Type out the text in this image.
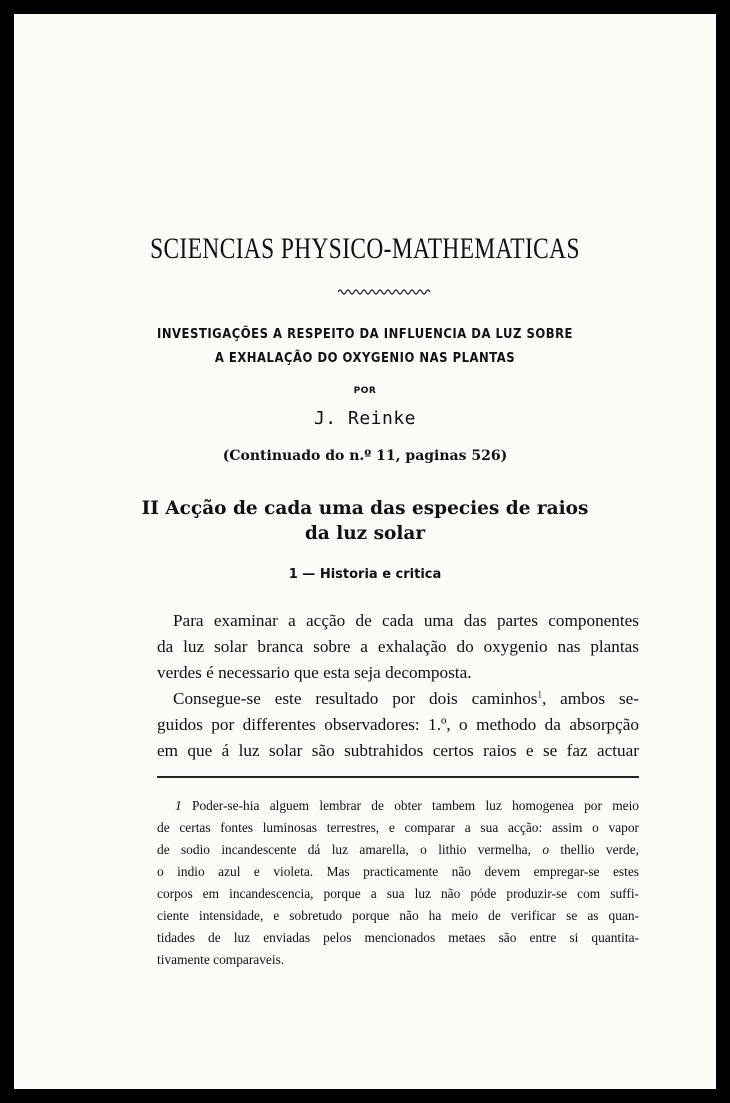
SCIENCIAS PHYSICO-MATHEMATICAS
INVESTIGAÇÕES A RESPEITO DA INFLUENCIA DA LUZ SOBRE
A EXHALAÇÃO DO OXYGENIO NAS PLANTAS
POR
J. Reinke
(Continuado do n.º 11, paginas 526)
II Acção de cada uma das especies de raios
da luz solar
1 — Historia e critica
Para examinar a acção de cada uma das partes componentes
da luz solar branca sobre a exhalação do oxygenio nas plantas
verdes é necessario que esta seja decomposta.
Consegue-se este resultado por dois caminhos$^1$, ambos se-
guidos por differentes observadores: 1.º, o methodo da absorpção
em que á luz solar são subtrahidos certos raios e se faz actuar
1 Poder-se-hia alguem lembrar de obter tambem luz homogenea por meio
de certas fontes luminosas terrestres, e comparar a sua acção: assim o vapor
de sodio incandescente dá luz amarella, o lithio vermelha, o thellio verde,
o indio azul e violeta. Mas practicamente não devem empregar-se estes
corpos em incandescencia, porque a sua luz não póde produzir-se com suffi-
ciente intensidade, e sobretudo porque não ha meio de verificar se as quan-
tidades de luz enviadas pelos mencionados metaes são entre si quantita-
tivamente comparaveis.
